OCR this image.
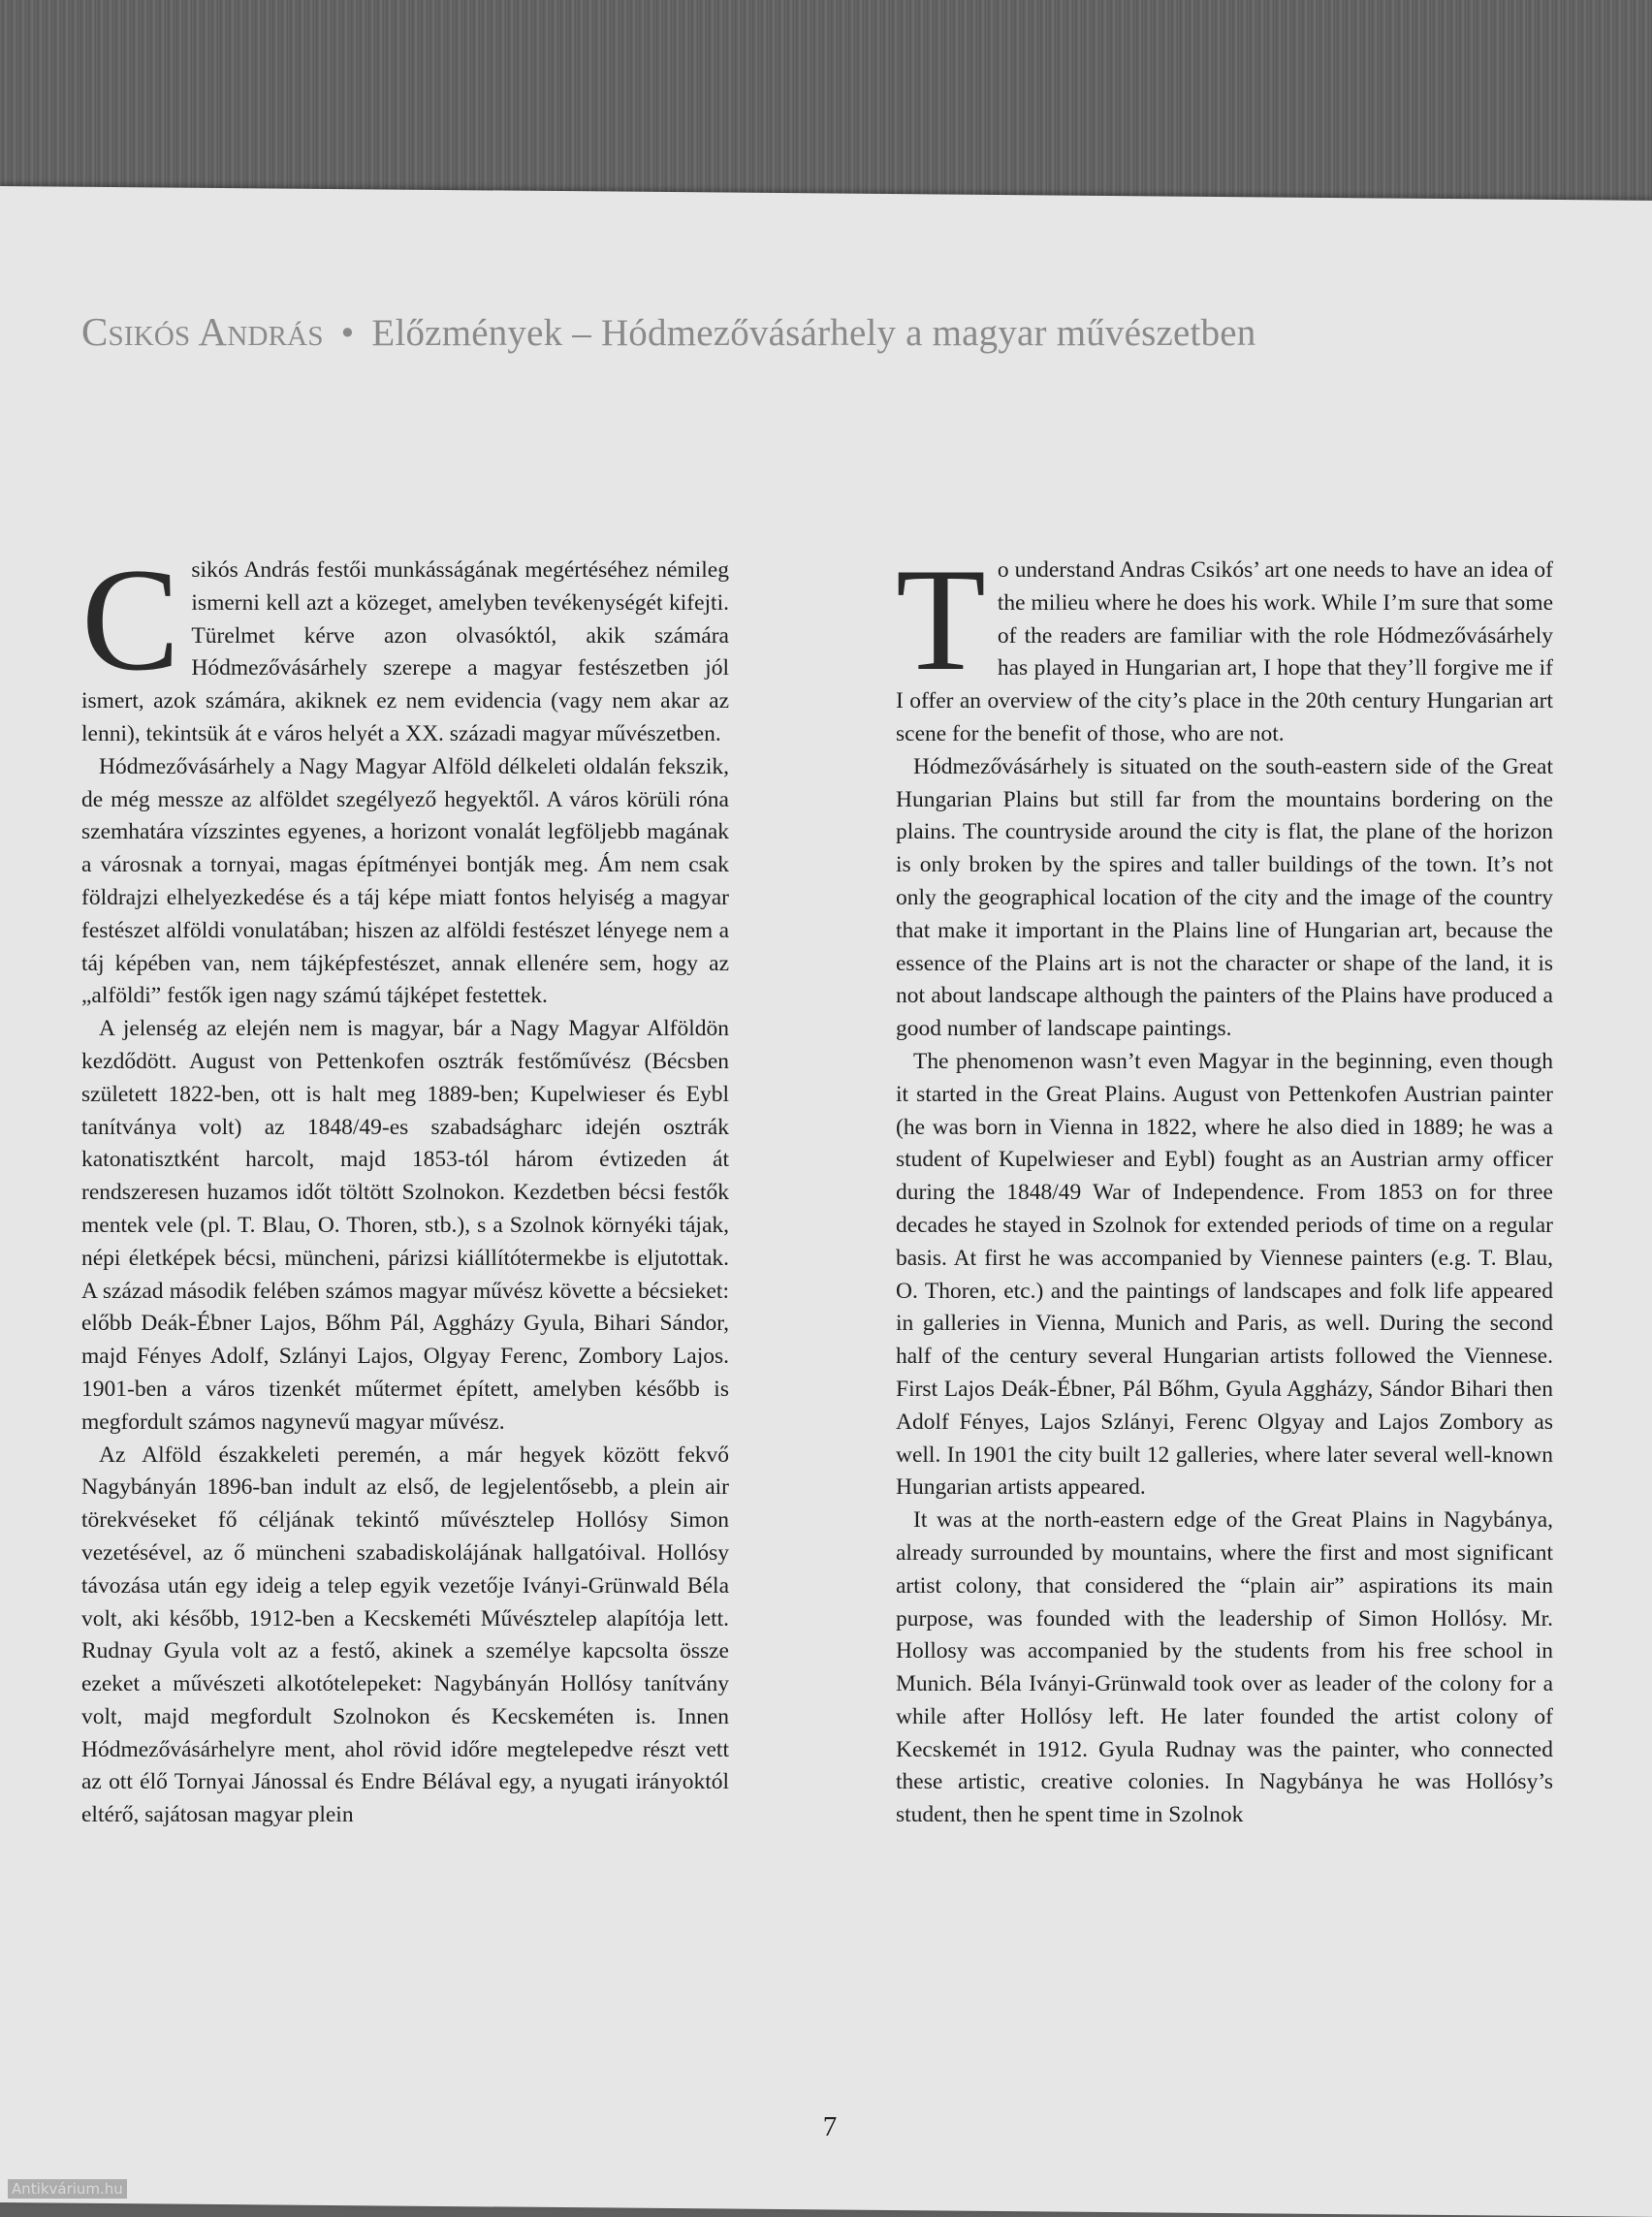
Csikós András • Előzmények – Hódmezővásárhely a magyar művészetben

Csikós András festői munkásságának megértéséhez némileg ismerni kell azt a közeget, amelyben tevékenységét kifejti. Türelmet kérve azon olvasóktól, akik számára Hódmezővásárhely szerepe a magyar festészetben jól ismert, azok számára, akiknek ez nem evidencia (vagy nem akar az lenni), tekintsük át e város helyét a XX. századi magyar művészetben.

Hódmezővásárhely a Nagy Magyar Alföld délkeleti oldalán fekszik, de még messze az alföldet szegélyező hegyektől. A város körüli róna szemhatára vízszintes egyenes, a horizont vonalát legföljebb magának a városnak a tornyai, magas építményei bontják meg. Ám nem csak földrajzi elhelyezkedése és a táj képe miatt fontos helyiség a magyar festészet alföldi vonulatában; hiszen az alföldi festészet lényege nem a táj képében van, nem tájképfestészet, annak ellenére sem, hogy az „alföldi” festők igen nagy számú tájképet festettek.

A jelenség az elején nem is magyar, bár a Nagy Magyar Alföldön kezdődött. August von Pettenkofen osztrák festőművész (Bécsben született 1822-ben, ott is halt meg 1889-ben; Kupelwieser és Eybl tanítványa volt) az 1848/49-es szabadságharc idején osztrák katonatisztként harcolt, majd 1853-tól három évtizeden át rendszeresen huzamos időt töltött Szolnokon. Kezdetben bécsi festők mentek vele (pl. T. Blau, O. Thoren, stb.), s a Szolnok környéki tájak, népi életképek bécsi, müncheni, párizsi kiállítótermekbe is eljutottak. A század második felében számos magyar művész követte a bécsieket: előbb Deák-Ébner Lajos, Bőhm Pál, Aggházy Gyula, Bihari Sándor, majd Fényes Adolf, Szlányi Lajos, Olgyay Ferenc, Zombory Lajos. 1901-ben a város tizenkét műtermet épített, amelyben később is megfordult számos nagynevű magyar művész.

Az Alföld északkeleti peremén, a már hegyek között fekvő Nagybányán 1896-ban indult az első, de legjelentősebb, a plein air törekvéseket fő céljának tekintő művésztelep Hollósy Simon vezetésével, az ő müncheni szabadiskolájának hallgatóival. Hollósy távozása után egy ideig a telep egyik vezetője Iványi-Grünwald Béla volt, aki később, 1912-ben a Kecskeméti Művésztelep alapítója lett. Rudnay Gyula volt az a festő, akinek a személye kapcsolta össze ezeket a művészeti alkotótelepeket: Nagybányán Hollósy tanítvány volt, majd megfordult Szolnokon és Kecskeméten is. Innen Hódmezővásárhelyre ment, ahol rövid időre megtelepedve részt vett az ott élő Tornyai Jánossal és Endre Bélával egy, a nyugati irányoktól eltérő, sajátosan magyar plein

To understand Andras Csikós’ art one needs to have an idea of the milieu where he does his work. While I’m sure that some of the readers are familiar with the role Hódmezővásárhely has played in Hungarian art, I hope that they’ll forgive me if I offer an overview of the city’s place in the 20th century Hungarian art scene for the benefit of those, who are not.

Hódmezővásárhely is situated on the south-eastern side of the Great Hungarian Plains but still far from the mountains bordering on the plains. The countryside around the city is flat, the plane of the horizon is only broken by the spires and taller buildings of the town. It’s not only the geographical location of the city and the image of the country that make it important in the Plains line of Hungarian art, because the essence of the Plains art is not the character or shape of the land, it is not about landscape although the painters of the Plains have produced a good number of landscape paintings.

The phenomenon wasn’t even Magyar in the beginning, even though it started in the Great Plains. August von Pettenkofen Austrian painter (he was born in Vienna in 1822, where he also died in 1889; he was a student of Kupelwieser and Eybl) fought as an Austrian army officer during the 1848/49 War of Independence. From 1853 on for three decades he stayed in Szolnok for extended periods of time on a regular basis. At first he was accompanied by Viennese painters (e.g. T. Blau, O. Thoren, etc.) and the paintings of landscapes and folk life appeared in galleries in Vienna, Munich and Paris, as well. During the second half of the century several Hungarian artists followed the Viennese. First Lajos Deák-Ébner, Pál Bőhm, Gyula Aggházy, Sándor Bihari then Adolf Fényes, Lajos Szlányi, Ferenc Olgyay and Lajos Zombory as well. In 1901 the city built 12 galleries, where later several well-known Hungarian artists appeared.

It was at the north-eastern edge of the Great Plains in Nagybánya, already surrounded by mountains, where the first and most significant artist colony, that considered the “plain air” aspirations its main purpose, was founded with the leadership of Simon Hollósy. Mr. Hollosy was accompanied by the students from his free school in Munich. Béla Iványi-Grünwald took over as leader of the colony for a while after Hollósy left. He later founded the artist colony of Kecskemét in 1912. Gyula Rudnay was the painter, who connected these artistic, creative colonies. In Nagybánya he was Hollósy’s student, then he spent time in Szolnok

7
Antikvárium.hu
